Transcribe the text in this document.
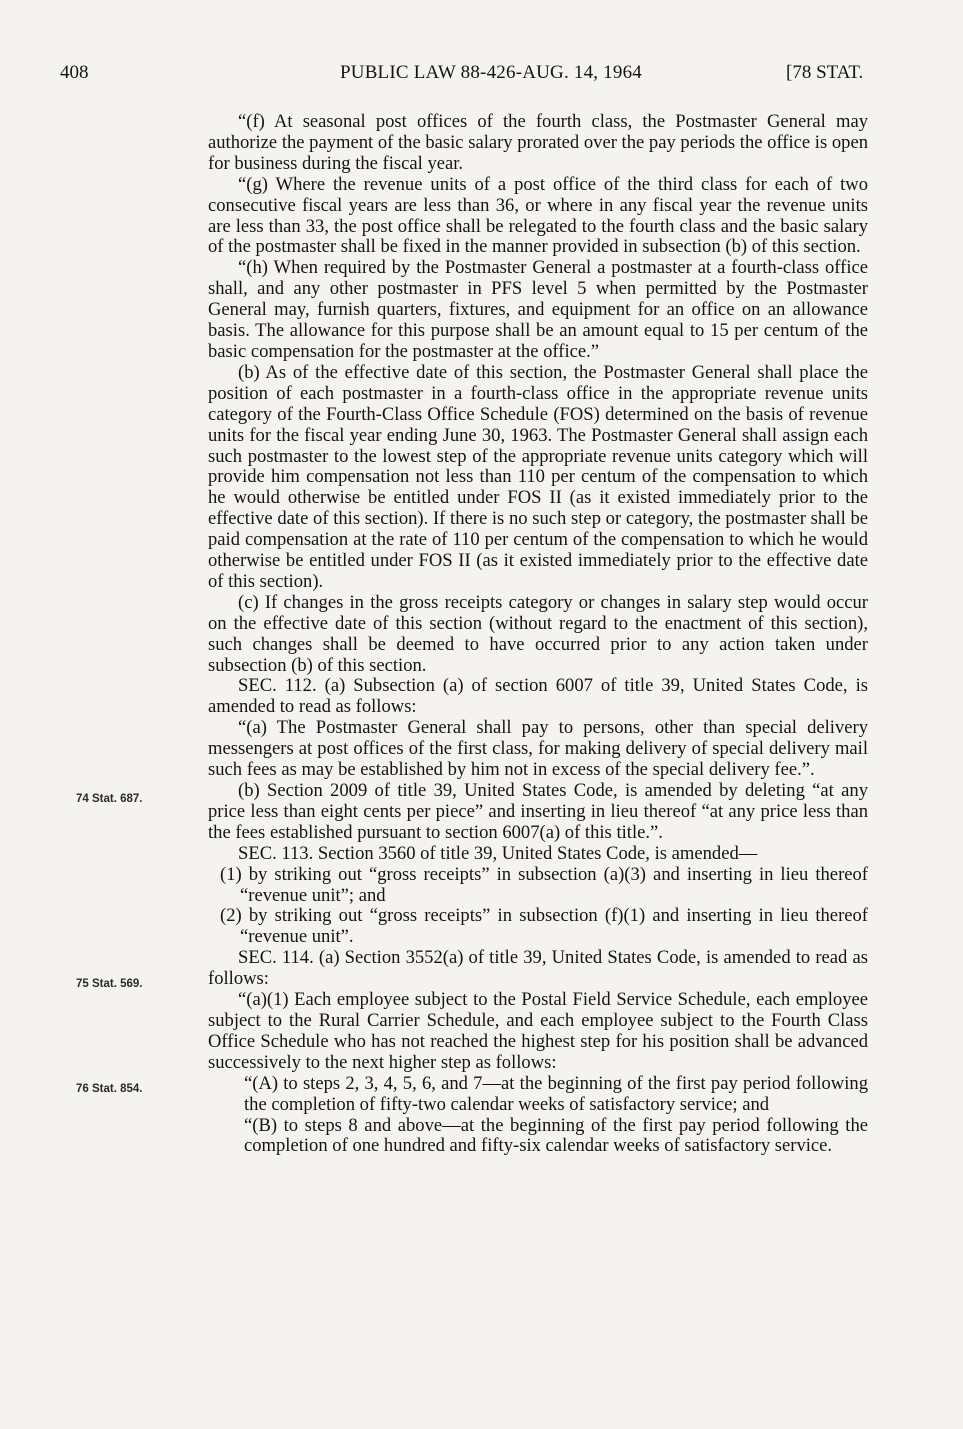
408	PUBLIC LAW 88-426-AUG. 14, 1964	[78 STAT.
74 Stat. 687.
75 Stat. 569.
76 Stat. 854.

“(f) At seasonal post offices of the fourth class, the Postmaster General may authorize the payment of the basic salary prorated over the pay periods the office is open for business during the fiscal year.

“(g) Where the revenue units of a post office of the third class for each of two consecutive fiscal years are less than 36, or where in any fiscal year the revenue units are less than 33, the post office shall be relegated to the fourth class and the basic salary of the postmaster shall be fixed in the manner provided in subsection (b) of this section.

“(h) When required by the Postmaster General a postmaster at a fourth-class office shall, and any other postmaster in PFS level 5 when permitted by the Postmaster General may, furnish quarters, fixtures, and equipment for an office on an allowance basis. The allowance for this purpose shall be an amount equal to 15 per centum of the basic compensation for the postmaster at the office.”

(b) As of the effective date of this section, the Postmaster General shall place the position of each postmaster in a fourth-class office in the appropriate revenue units category of the Fourth-Class Office Schedule (FOS) determined on the basis of revenue units for the fiscal year ending June 30, 1963. The Postmaster General shall assign each such postmaster to the lowest step of the appropriate revenue units category which will provide him compensation not less than 110 per centum of the compensation to which he would otherwise be entitled under FOS II (as it existed immediately prior to the effective date of this section). If there is no such step or category, the postmaster shall be paid compensation at the rate of 110 per centum of the compensation to which he would otherwise be entitled under FOS II (as it existed immediately prior to the effective date of this section).

(c) If changes in the gross receipts category or changes in salary step would occur on the effective date of this section (without regard to the enactment of this section), such changes shall be deemed to have occurred prior to any action taken under subsection (b) of this section.

SEC. 112. (a) Subsection (a) of section 6007 of title 39, United States Code, is amended to read as follows:

“(a) The Postmaster General shall pay to persons, other than special delivery messengers at post offices of the first class, for making delivery of special delivery mail such fees as may be established by him not in excess of the special delivery fee.”.

(b) Section 2009 of title 39, United States Code, is amended by deleting “at any price less than eight cents per piece” and inserting in lieu thereof “at any price less than the fees established pursuant to section 6007(a) of this title.”.

SEC. 113. Section 3560 of title 39, United States Code, is amended—

(1) by striking out “gross receipts” in subsection (a)(3) and inserting in lieu thereof “revenue unit”; and

(2) by striking out “gross receipts” in subsection (f)(1) and inserting in lieu thereof “revenue unit”.

SEC. 114. (a) Section 3552(a) of title 39, United States Code, is amended to read as follows:

“(a)(1) Each employee subject to the Postal Field Service Schedule, each employee subject to the Rural Carrier Schedule, and each employee subject to the Fourth Class Office Schedule who has not reached the highest step for his position shall be advanced successively to the next higher step as follows:

“(A) to steps 2, 3, 4, 5, 6, and 7—at the beginning of the first pay period following the completion of fifty-two calendar weeks of satisfactory service; and

“(B) to steps 8 and above—at the beginning of the first pay period following the completion of one hundred and fifty-six calendar weeks of satisfactory service.
